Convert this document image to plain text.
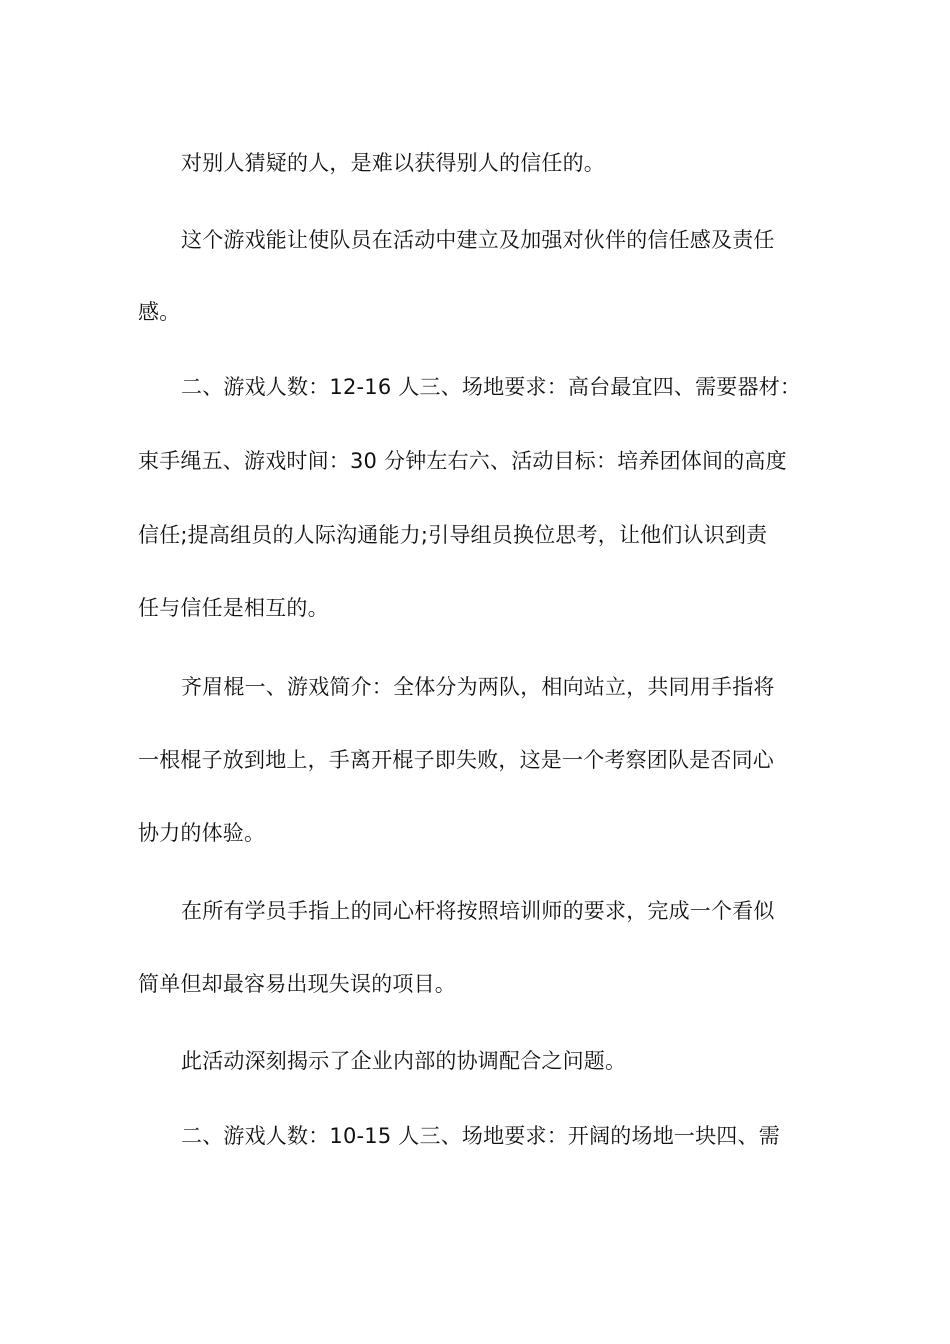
对别人猜疑的人，是难以获得别人的信任的。
这个游戏能让使队员在活动中建立及加强对伙伴的信任感及责任
感。
二、游戏人数：12-16 人三、场地要求：高台最宜四、需要器材：
束手绳五、游戏时间：30 分钟左右六、活动目标：培养团体间的高度
信任;提高组员的人际沟通能力;引导组员换位思考，让他们认识到责
任与信任是相互的。
齐眉棍一、游戏简介：全体分为两队，相向站立，共同用手指将
一根棍子放到地上，手离开棍子即失败，这是一个考察团队是否同心
协力的体验。
在所有学员手指上的同心杆将按照培训师的要求，完成一个看似
简单但却最容易出现失误的项目。
此活动深刻揭示了企业内部的协调配合之问题。
二、游戏人数：10-15 人三、场地要求：开阔的场地一块四、需
